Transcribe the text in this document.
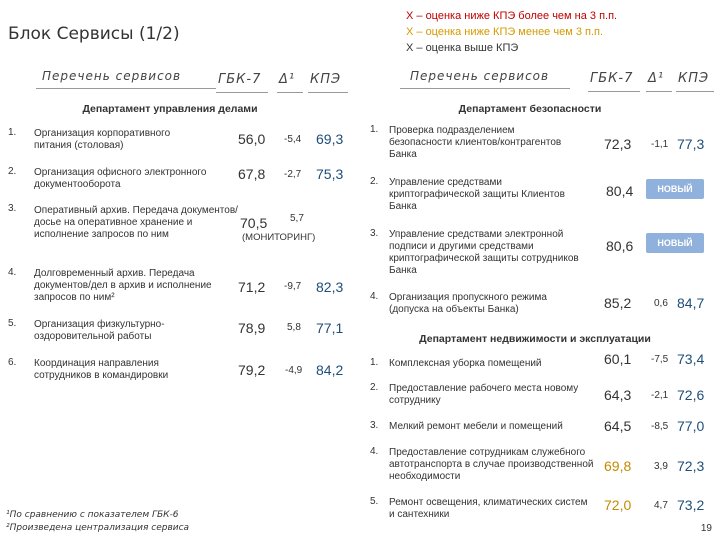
Блок Сервисы (1/2)
X – оценка ниже КПЭ более чем на 3 п.п.
X – оценка ниже КПЭ менее чем 3 п.п.
X – оценка выше КПЭ
Перечень сервисов	ГБК-7 Δ¹ КПЭ	Перечень сервисов	ГБК-7 Δ¹ КПЭ
Департамент управления делами
1. Организация корпоративного питания (столовая)	56,0 -5,4 69,3
2. Организация офисного электронного документооборота
67,8 -2,7 75,3
3. Оперативный архив. Передача документов/досье на оперативное хранение и исполнение запросов по ним
70,5 5,7
(МОНИТОРИНГ)
4. Долговременный архив. Передача документов/дел в архив и исполнение запросов по ним²
71,2 -9,7 82,3
5. Организация физкультурно-оздоровительной работы
78,9 5,8 77,1
6. Координация направления сотрудников в командировки	79,2 -4,9 84,2
Департамент безопасности
1. Проверка подразделением безопасности клиентов/контрагентов Банка
72,3 -1,1 77,3
2. Управление средствами криптографической защиты Клиентов Банка
80,4	НОВЫЙ
3. Управление средствами электронной подписи и другими средствами криптографической защиты сотрудников Банка
80,6	НОВЫЙ
4. Организация пропускного режима (допуска на объекты Банка)	85,2 0,6 84,7
Департамент недвижимости и эксплуатации
1. Комплексная уборка помещений	60,1 -7,5 73,4
2. Предоставление рабочего места новому сотруднику	64,3 -2,1 72,6
3. Мелкий ремонт мебели и помещений	64,5 -8,5 77,0
4. Предоставление сотрудникам служебного автотранспорта в случае производственной необходимости
69,8 3,9 72,3
5. Ремонт освещения, климатических систем и сантехники
72,0 4,7 73,2
¹По сравнению с показателем ГБК-6
²Произведена централизация сервиса	19
